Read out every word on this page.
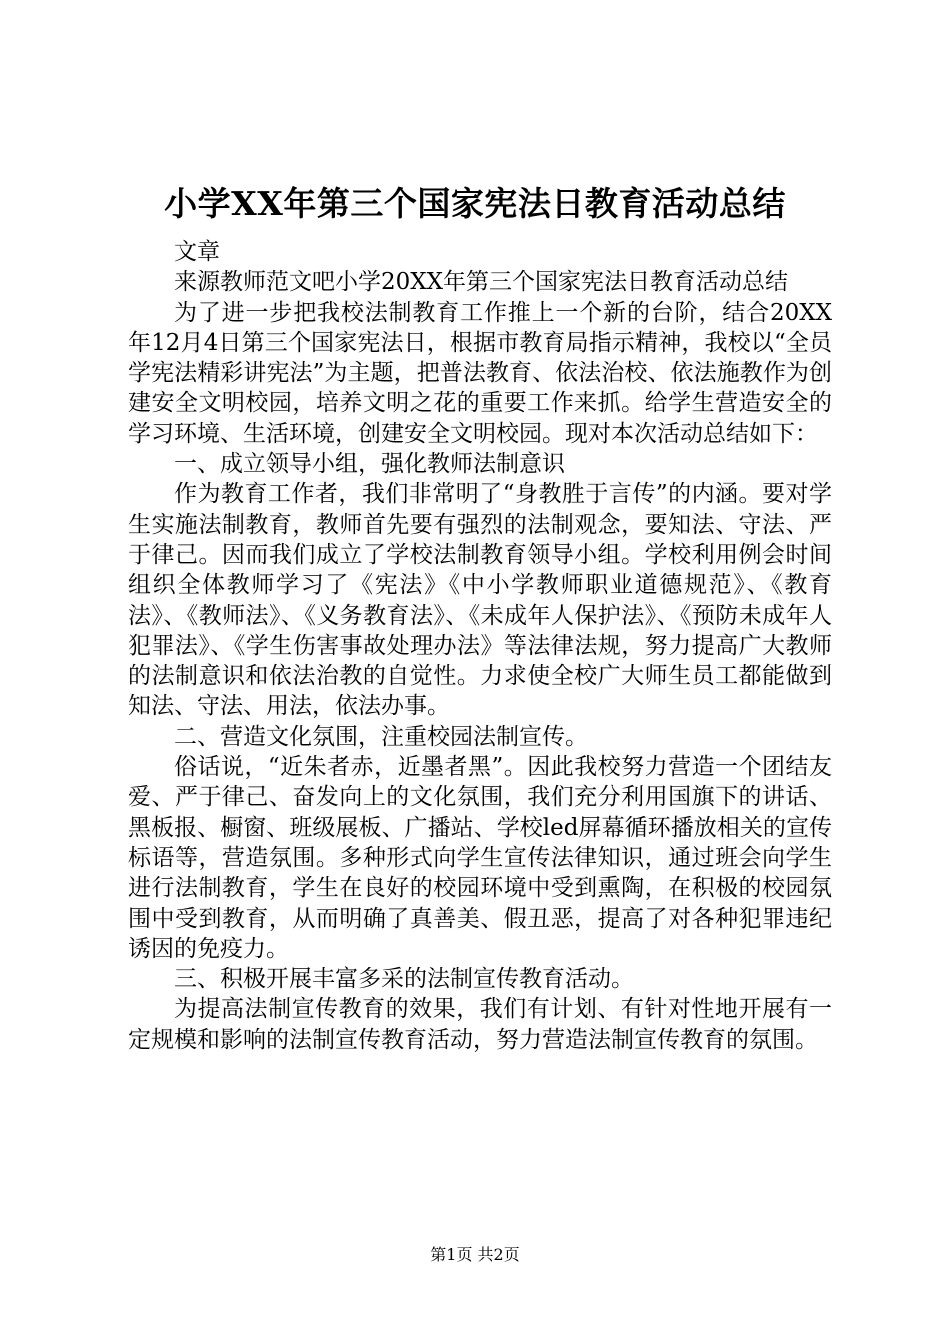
小学XX年第三个国家宪法日教育活动总结

文章

来源教师范文吧小学20XX年第三个国家宪法日教育活动总结

为了进一步把我校法制教育工作推上一个新的台阶，结合20XX年12月4日第三个国家宪法日，根据市教育局指示精神，我校以“全员学宪法精彩讲宪法”为主题，把普法教育、依法治校、依法施教作为创建安全文明校园，培养文明之花的重要工作来抓。给学生营造安全的学习环境、生活环境，创建安全文明校园。现对本次活动总结如下：

一、成立领导小组，强化教师法制意识

作为教育工作者，我们非常明了“身教胜于言传”的内涵。要对学生实施法制教育，教师首先要有强烈的法制观念，要知法、守法、严于律己。因而我们成立了学校法制教育领导小组。学校利用例会时间组织全体教师学习了《宪法》《中小学教师职业道德规范》、《教育法》、《教师法》、《义务教育法》、《未成年人保护法》、《预防未成年人犯罪法》、《学生伤害事故处理办法》等法律法规，努力提高广大教师的法制意识和依法治教的自觉性。力求使全校广大师生员工都能做到知法、守法、用法，依法办事。

二、营造文化氛围，注重校园法制宣传。

俗话说，“近朱者赤，近墨者黑”。因此我校努力营造一个团结友爱、严于律己、奋发向上的文化氛围，我们充分利用国旗下的讲话、黑板报、橱窗、班级展板、广播站、学校led屏幕循环播放相关的宣传标语等，营造氛围。多种形式向学生宣传法律知识，通过班会向学生进行法制教育，学生在良好的校园环境中受到熏陶，在积极的校园氛围中受到教育，从而明确了真善美、假丑恶，提高了对各种犯罪违纪诱因的免疫力。

三、积极开展丰富多采的法制宣传教育活动。

为提高法制宣传教育的效果，我们有计划、有针对性地开展有一定规模和影响的法制宣传教育活动，努力营造法制宣传教育的氛围。

第1页 共2页
